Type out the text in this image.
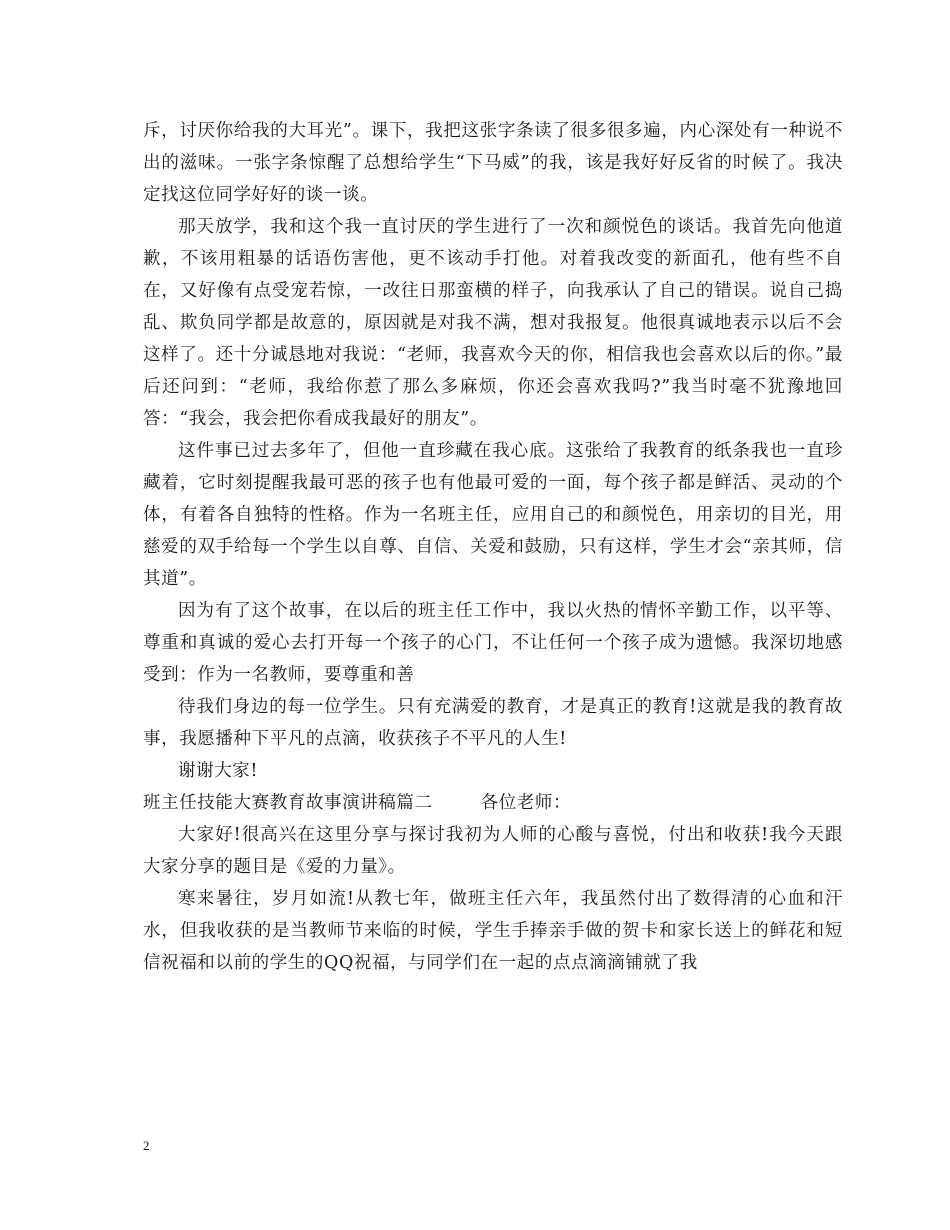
斥，讨厌你给我的大耳光”。课下，我把这张字条读了很多很多遍，内心深处有一种说不出的滋味。一张字条惊醒了总想给学生“下马威”的我，该是我好好反省的时候了。我决定找这位同学好好的谈一谈。

那天放学，我和这个我一直讨厌的学生进行了一次和颜悦色的谈话。我首先向他道歉，不该用粗暴的话语伤害他，更不该动手打他。对着我改变的新面孔，他有些不自在，又好像有点受宠若惊，一改往日那蛮横的样子，向我承认了自己的错误。说自己捣乱、欺负同学都是故意的，原因就是对我不满，想对我报复。他很真诚地表示以后不会这样了。还十分诚恳地对我说：“老师，我喜欢今天的你，相信我也会喜欢以后的你。”最后还问到：“老师，我给你惹了那么多麻烦，你还会喜欢我吗?”我当时毫不犹豫地回答：“我会，我会把你看成我最好的朋友”。

这件事已过去多年了，但他一直珍藏在我心底。这张给了我教育的纸条我也一直珍藏着，它时刻提醒我最可恶的孩子也有他最可爱的一面，每个孩子都是鲜活、灵动的个体，有着各自独特的性格。作为一名班主任，应用自己的和颜悦色，用亲切的目光，用慈爱的双手给每一个学生以自尊、自信、关爱和鼓励，只有这样，学生才会“亲其师，信其道”。

因为有了这个故事，在以后的班主任工作中，我以火热的情怀辛勤工作，以平等、尊重和真诚的爱心去打开每一个孩子的心门，不让任何一个孩子成为遗憾。我深切地感受到：作为一名教师，要尊重和善

待我们身边的每一位学生。只有充满爱的教育，才是真正的教育!这就是我的教育故事，我愿播种下平凡的点滴，收获孩子不平凡的人生!

谢谢大家!

班主任技能大赛教育故事演讲稿篇二	各位老师：

大家好!很高兴在这里分享与探讨我初为人师的心酸与喜悦，付出和收获!我今天跟大家分享的题目是《爱的力量》。

寒来暑往，岁月如流!从教七年，做班主任六年，我虽然付出了数得清的心血和汗水，但我收获的是当教师节来临的时候，学生手捧亲手做的贺卡和家长送上的鲜花和短信祝福和以前的学生的QQ祝福，与同学们在一起的点点滴滴铺就了我

2
